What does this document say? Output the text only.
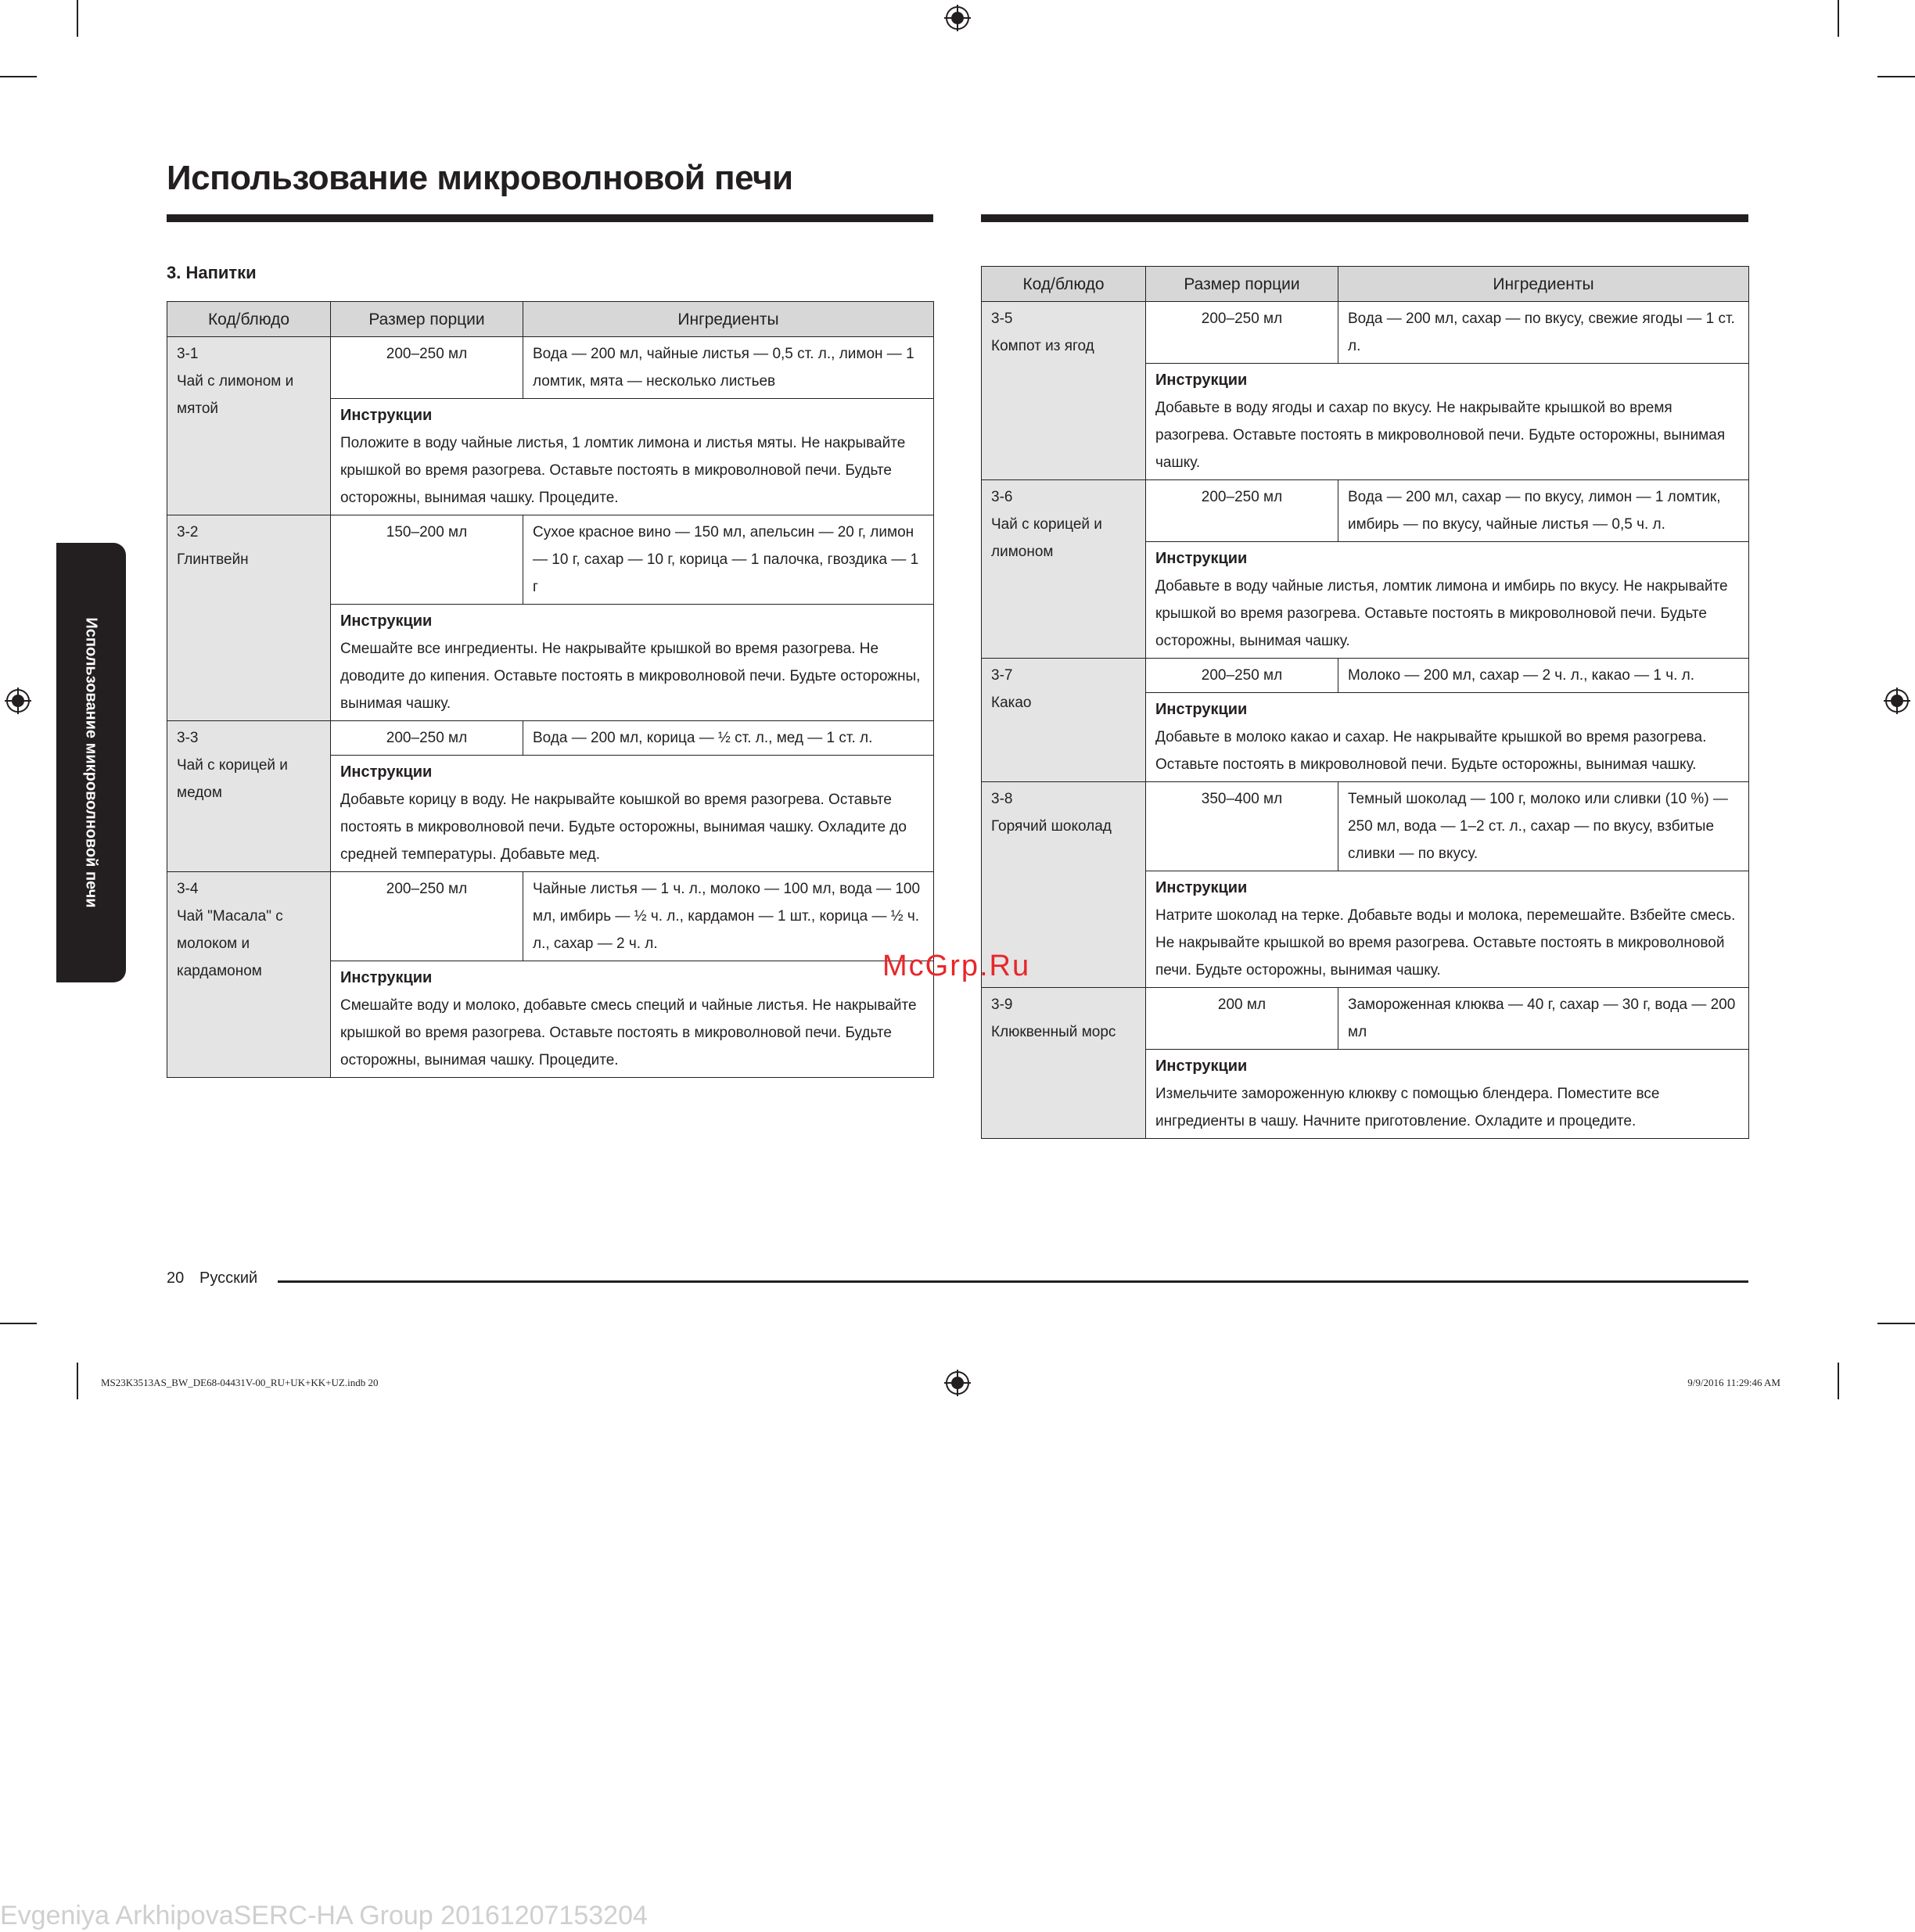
Использование микроволновой печи
3. Напитки
Использование микроволновой печи
Код/блюдо	Размер порции	Ингредиенты

3-1
Чай с лимоном и мятой	200–250 мл	Вода — 200 мл, чайные листья — 0,5 ст. л., лимон — 1 ломтик, мята — несколько листьев

	Инструкции
Положите в воду чайные листья, 1 ломтик лимона и листья мяты. Не накрывайте крышкой во время разогрева. Оставьте постоять в микроволновой печи. Будьте осторожны, вынимая чашку. Процедите.	

3-2
Глинтвейн	150–200 мл	Сухое красное вино — 150 мл, апельсин — 20 г, лимон — 10 г, сахар — 10 г, корица — 1 палочка, гвоздика — 1 г

	Инструкции
Смешайте все ингредиенты. Не накрывайте крышкой во время разогрева. Не доводите до кипения. Оставьте постоять в микроволновой печи. Будьте осторожны, вынимая чашку.	

3-3
Чай с корицей и медом	200–250 мл	Вода — 200 мл, корица — ½ ст. л., мед — 1 ст. л.

	Инструкции
Добавьте корицу в воду. Не накрывайте кoышкой во время разогрева. Оставьте постоять в микроволновой печи. Будьте осторожны, вынимая чашку. Охладите до средней температуры. Добавьте мед.	

3-4
Чай "Масала" с молоком и кардамоном	200–250 мл	Чайные листья — 1 ч. л., молоко — 100 мл, вода — 100 мл, имбирь — ½ ч. л., кардамон — 1 шт., корица — ½ ч. л., сахар — 2 ч. л.

	Инструкции
Смешайте воду и молоко, добавьте смесь специй и чайные листья. Не накрывайте крышкой во время разогрева. Оставьте постоять в микроволновой печи. Будьте осторожны, вынимая чашку. Процедите.	
Код/блюдо	Размер порции	Ингредиенты

3-5
Компот из ягод	200–250 мл	Вода — 200 мл, сахар — по вкусу, свежие ягоды — 1 ст. л.

	Инструкции
Добавьте в воду ягоды и сахар по вкусу. Не накрывайте крышкой во время разогрева. Оставьте постоять в микроволновой печи. Будьте осторожны, вынимая чашку.	

3-6
Чай с корицей и лимоном	200–250 мл	Вода — 200 мл, сахар — по вкусу, лимон — 1 ломтик, имбирь — по вкусу, чайные листья — 0,5 ч. л.

	Инструкции
Добавьте в воду чайные листья, ломтик лимона и имбирь по вкусу. Не накрывайте крышкой во время разогрева. Оставьте постоять в микроволновой печи. Будьте осторожны, вынимая чашку.	

3-7
Какао	200–250 мл	Молоко — 200 мл, сахар — 2 ч. л., какао — 1 ч. л.

	Инструкции
Добавьте в молоко какао и сахар. Не накрывайте крышкой во время разогрева. Оставьте постоять в микроволновой печи. Будьте осторожны, вынимая чашку.	

3-8
Горячий шоколад	350–400 мл	Темный шоколад — 100 г, молоко или сливки (10 %) — 250 мл, вода — 1–2 ст. л., сахар — по вкусу, взбитые сливки — по вкусу.

	Инструкции
Натрите шоколад на терке. Добавьте воды и молока, перемешайте. Взбейте смесь. Не накрывайте крышкой во время разогрева. Оставьте постоять в микроволновой печи. Будьте осторожны, вынимая чашку.	

3-9
Клюквенный морс	200 мл	Замороженная клюква — 40 г, сахар — 30 г, вода — 200 мл

	Инструкции
Измельчите замороженную клюкву с помощью блендера. Поместите все ингредиенты в чашу. Начните приготовление. Охладите и процедите.	
McGrp.Ru
20 Русский
MS23K3513AS_BW_DE68-04431V-00_RU+UK+KK+UZ.indb 20	9/9/2016 11:29:46 AM
Evgeniya ArkhipovaSERC-HA Group 20161207153204
